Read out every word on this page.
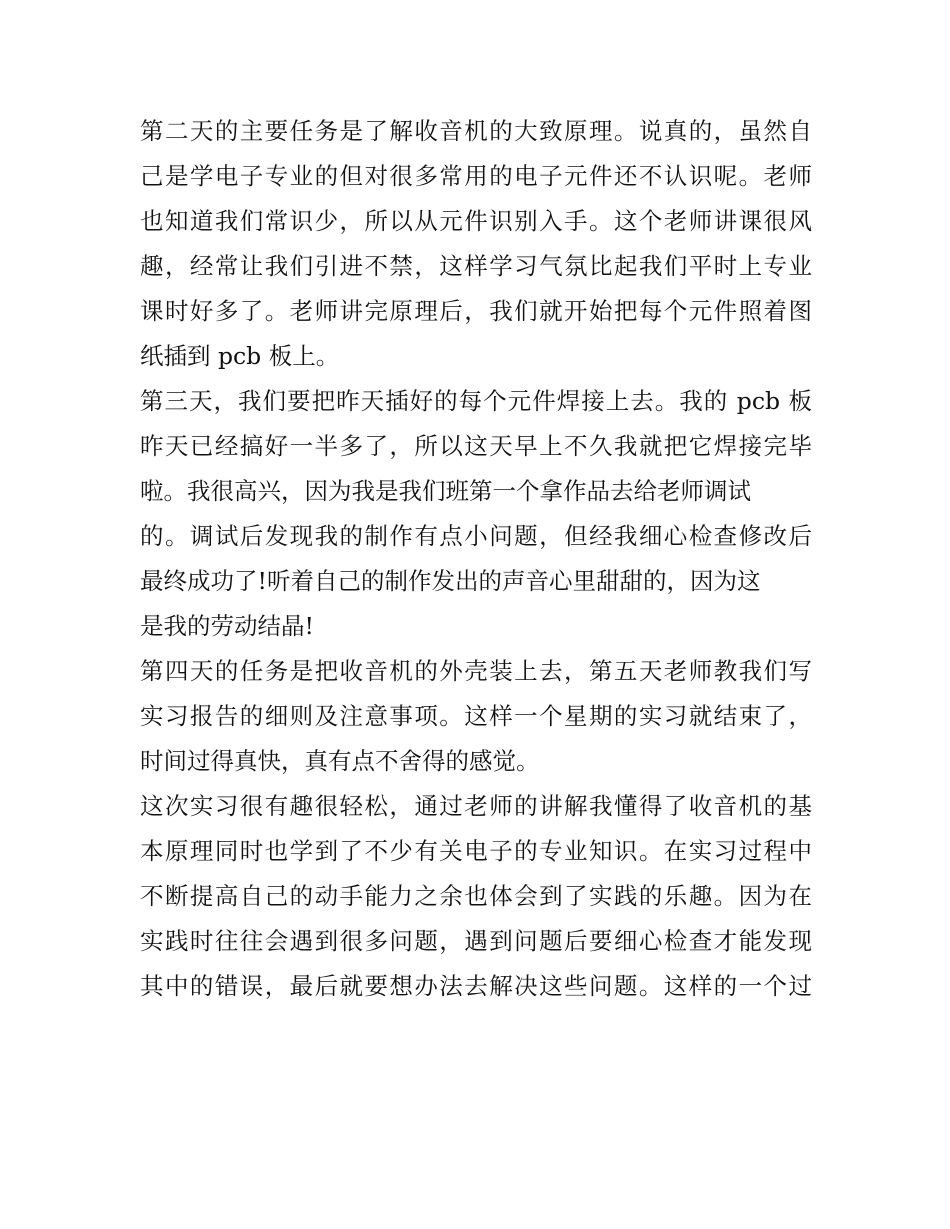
第二天的主要任务是了解收音机的大致原理。说真的，虽然自
己是学电子专业的但对很多常用的电子元件还不认识呢。老师
也知道我们常识少，所以从元件识别入手。这个老师讲课很风
趣，经常让我们引进不禁，这样学习气氛比起我们平时上专业
课时好多了。老师讲完原理后，我们就开始把每个元件照着图
纸插到 pcb 板上。
第三天，我们要把昨天插好的每个元件焊接上去。我的 pcb 板
昨天已经搞好一半多了，所以这天早上不久我就把它焊接完毕
啦。我很高兴，因为我是我们班第一个拿作品去给老师调试
的。调试后发现我的制作有点小问题，但经我细心检查修改后
最终成功了!听着自己的制作发出的声音心里甜甜的，因为这
是我的劳动结晶!
第四天的任务是把收音机的外壳装上去，第五天老师教我们写
实习报告的细则及注意事项。这样一个星期的实习就结束了，
时间过得真快，真有点不舍得的感觉。
这次实习很有趣很轻松，通过老师的讲解我懂得了收音机的基
本原理同时也学到了不少有关电子的专业知识。在实习过程中
不断提高自己的动手能力之余也体会到了实践的乐趣。因为在
实践时往往会遇到很多问题，遇到问题后要细心检查才能发现
其中的错误，最后就要想办法去解决这些问题。这样的一个过
